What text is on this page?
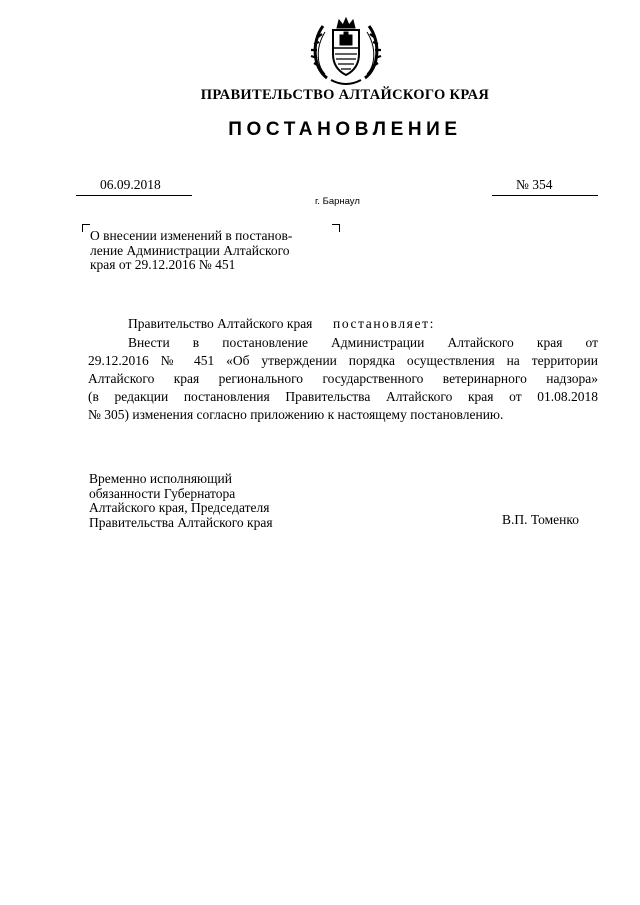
ПРАВИТЕЛЬСТВО АЛТАЙСКОГО КРАЯ
ПОСТАНОВЛЕНИЕ
06.09.2018	№ 354
г. Барнаул
О внесении изменений в постанов-
ление Администрации Алтайского
края от 29.12.2016 № 451
Правительство Алтайского края постановляет:
Внести в постановление Администрации Алтайского края от
29.12.2016 № 451 «Об утверждении порядка осуществления на территории
Алтайского края регионального государственного ветеринарного надзора»
(в редакции постановления Правительства Алтайского края от 01.08.2018
№ 305) изменения согласно приложению к настоящему постановлению.
Временно исполняющий
обязанности Губернатора
Алтайского края, Председателя
Правительства Алтайского края	В.П. Томенко
